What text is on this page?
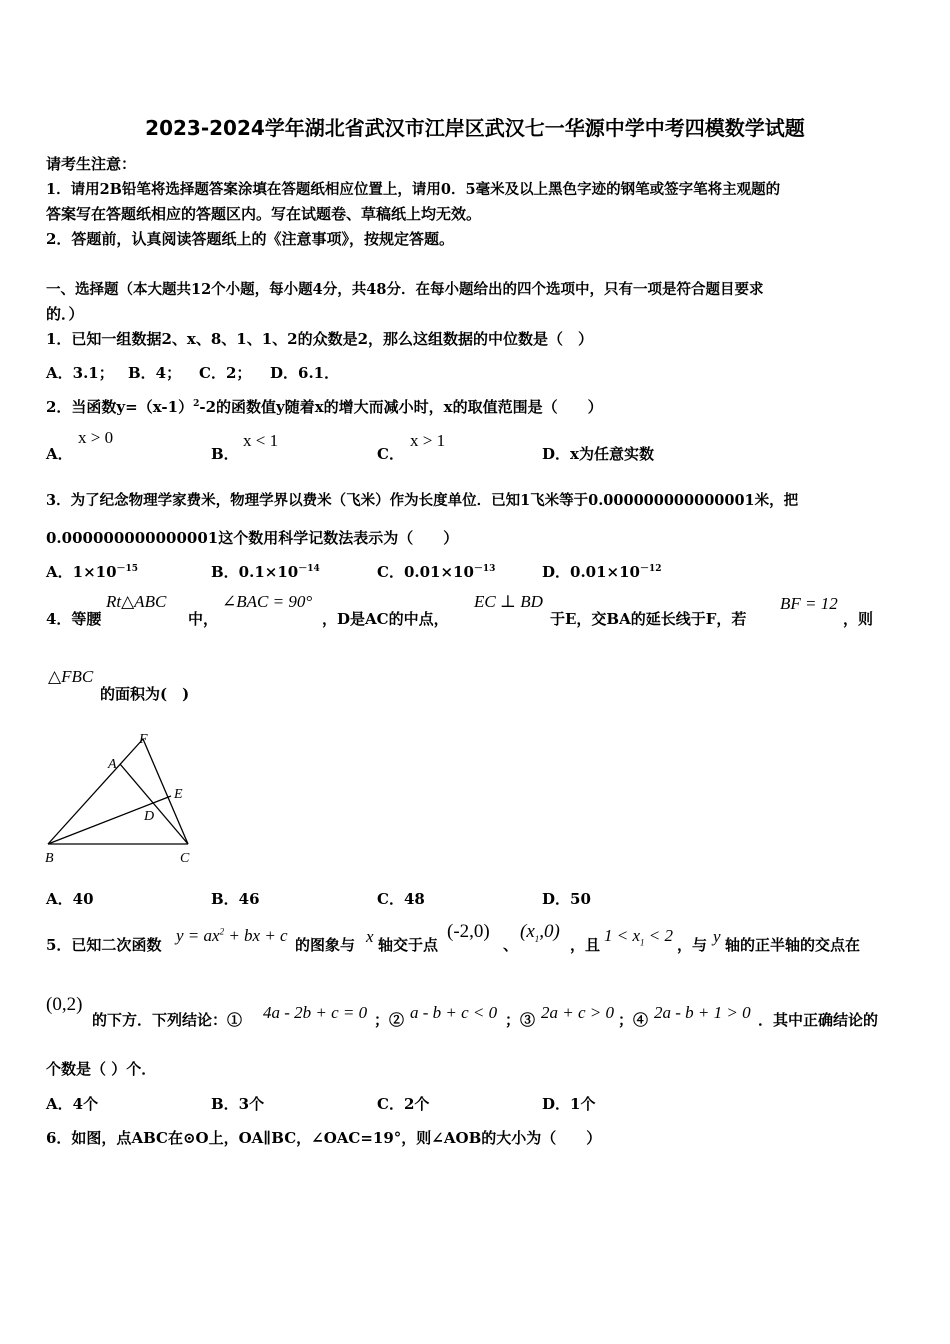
2023-2024学年湖北省武汉市江岸区武汉七一华源中学中考四模数学试题
请考生注意：
1．请用2B铅笔将选择题答案涂填在答题纸相应位置上，请用0．5毫米及以上黑色字迹的钢笔或签字笔将主观题的
答案写在答题纸相应的答题区内。写在试题卷、草稿纸上均无效。
2．答题前，认真阅读答题纸上的《注意事项》，按规定答题。
一、选择题（本大题共12个小题，每小题4分，共48分．在每小题给出的四个选项中，只有一项是符合题目要求
的．）
1．已知一组数据2、x、8、1、1、2的众数是2，那么这组数据的中位数是（　）
A．3.1； B．4； C．2； D．6.1．
2．当函数$y=(x-1)^2-2$的函数值y随着x的增大而减小时，x的取值范围是（　　）
A．
x > 0
B．
x < 1
C．
x > 1
D．x为任意实数
3．为了纪念物理学家费米，物理学界以费米（飞米）作为长度单位．已知1飞米等于0.000000000000001米，把
0.000000000000001这个数用科学记数法表示为（　　）
A．$1\times 10^{-15}$	B．$0.1\times 10^{-14}$	C．$0.01\times 10^{-13}$	D．$0.01\times 10^{-12}$
4．等腰
Rt△ABC
中，
∠BAC = 90°
，D是AC的中点，
EC ⊥ BD
于E，交BA的延长线于F，若
BF = 12
，则
△FBC
的面积为(　)
F
A
E
D
B	C
A．40	B．46	C．48	D．50
5．已知二次函数 $y = ax^2$ + bx + c 的图象与 x 轴交于点
(-2,0)
、
$(x_1,0)$
，且 $1 < x_1 < 2$ ，与 y 轴的正半轴的交点在
(0,2)
的下方．下列结论：① 4a - 2b + c = 0 ；② a - b + c < 0 ；③ 2a + c > 0 ；④ 2a - b + 1 > 0 ．其中正确结论的
个数是（ ）个．
A．4个	B．3个	C．2个	D．1个
6．如图，点ABC在⊙O上，OA∥BC，∠OAC=19°，则∠AOB的大小为（　　）
